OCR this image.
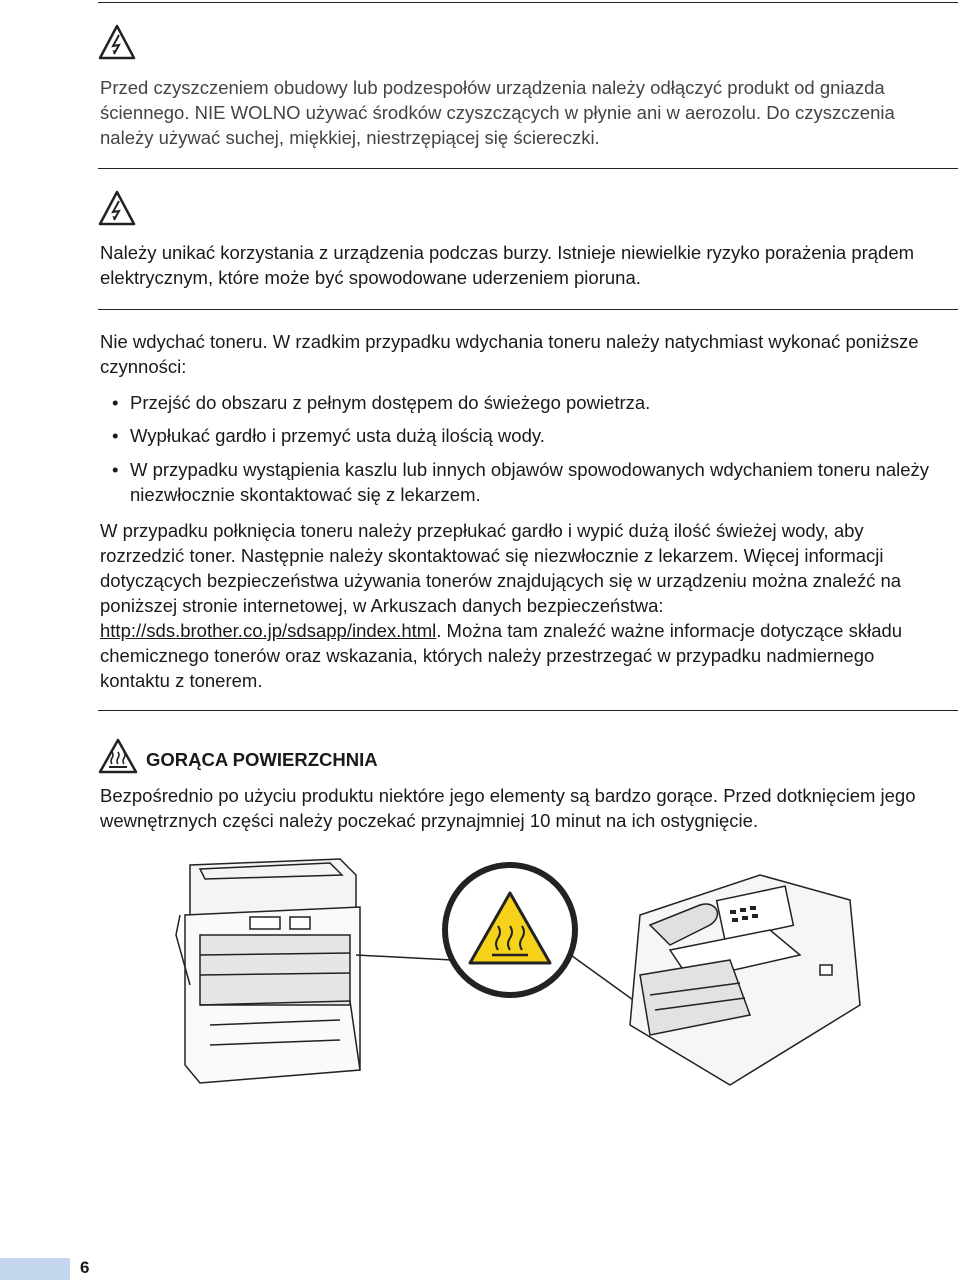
Przed czyszczeniem obudowy lub podzespołów urządzenia należy odłączyć produkt od gniazda ściennego. NIE WOLNO używać środków czyszczących w płynie ani w aerozolu. Do czyszczenia należy używać suchej, miękkiej, niestrzępiącej się ściereczki.

Należy unikać korzystania z urządzenia podczas burzy. Istnieje niewielkie ryzyko porażenia prądem elektrycznym, które może być spowodowane uderzeniem pioruna.

Nie wdychać toneru. W rzadkim przypadku wdychania toneru należy natychmiast wykonać poniższe czynności:

• Przejść do obszaru z pełnym dostępem do świeżego powietrza.
• Wypłukać gardło i przemyć usta dużą ilością wody.
• W przypadku wystąpienia kaszlu lub innych objawów spowodowanych wdychaniem toneru należy niezwłocznie skontaktować się z lekarzem.

W przypadku połknięcia toneru należy przepłukać gardło i wypić dużą ilość świeżej wody, aby rozrzedzić toner. Następnie należy skontaktować się niezwłocznie z lekarzem. Więcej informacji dotyczących bezpieczeństwa używania tonerów znajdujących się w urządzeniu można znaleźć na poniższej stronie internetowej, w Arkuszach danych bezpieczeństwa: http://sds.brother.co.jp/sdsapp/index.html. Można tam znaleźć ważne informacje dotyczące składu chemicznego tonerów oraz wskazania, których należy przestrzegać w przypadku nadmiernego kontaktu z tonerem.

GORĄCA POWIERZCHNIA

Bezpośrednio po użyciu produktu niektóre jego elementy są bardzo gorące. Przed dotknięciem jego wewnętrznych części należy poczekać przynajmniej 10 minut na ich ostygnięcie.

6
